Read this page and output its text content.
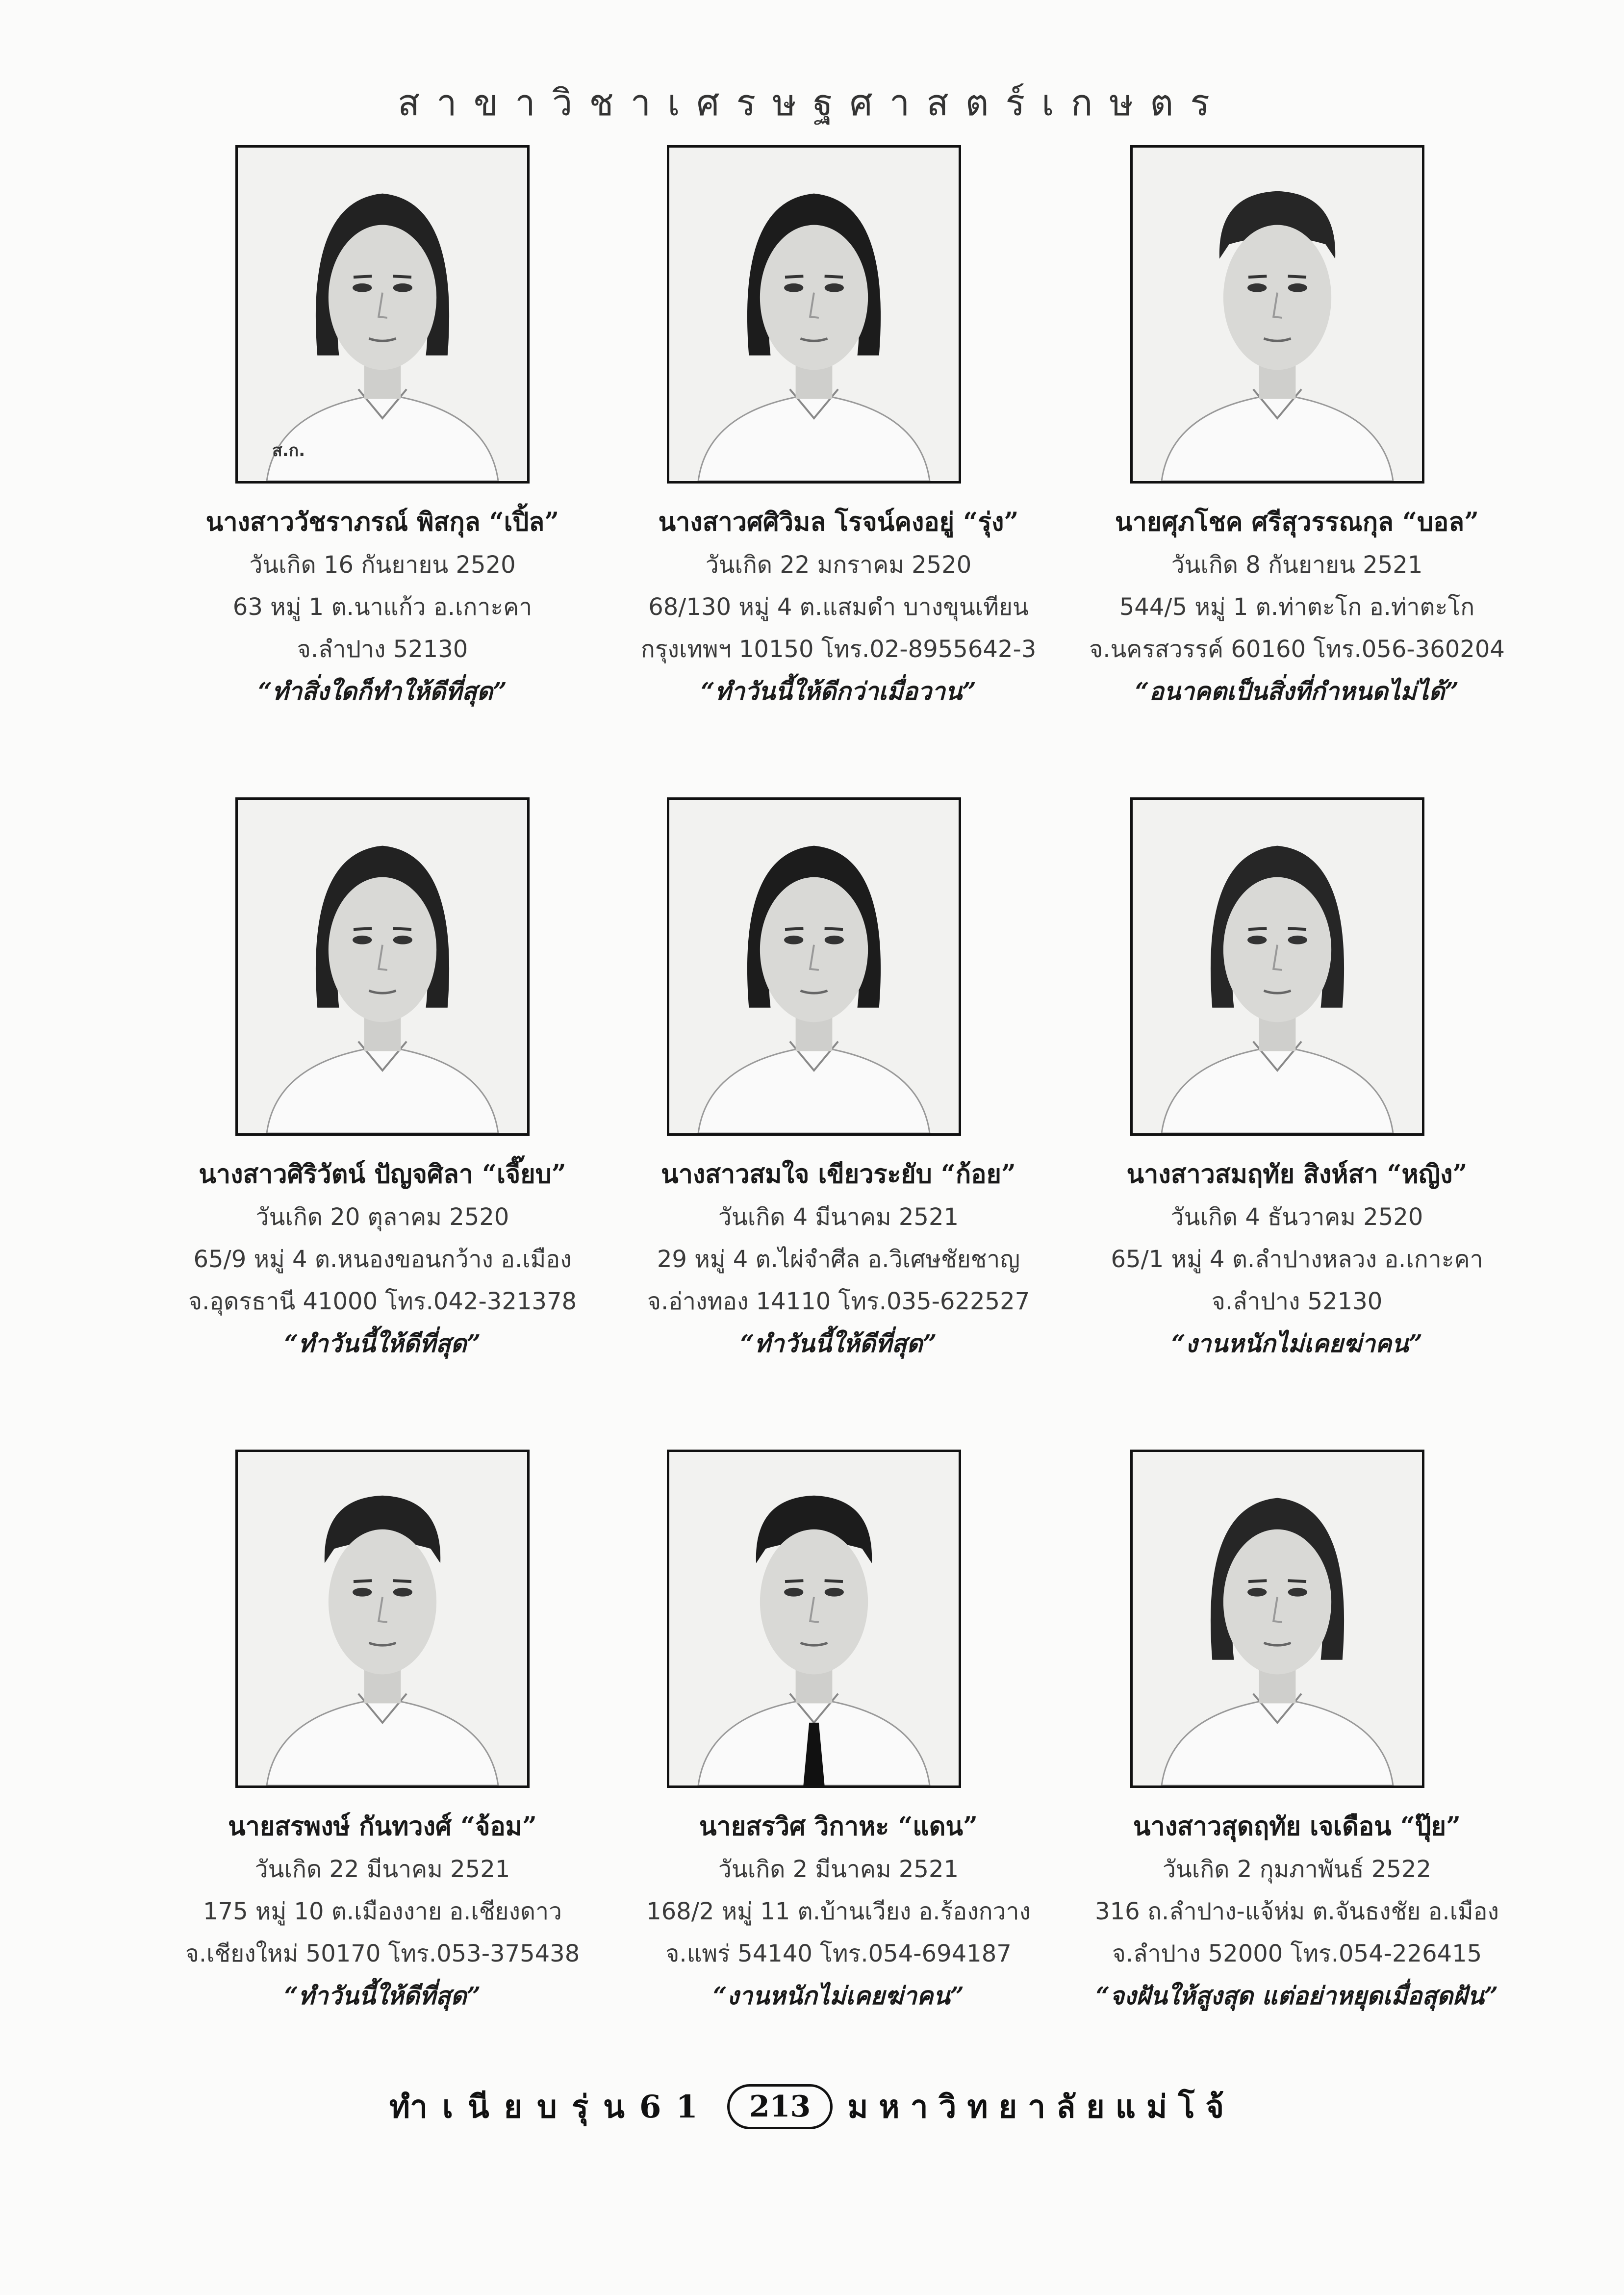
สาขาวิชาเศรษฐศาสตร์เกษตร
ส.ก.
นางสาววัชราภรณ์ พิสกุล “เปิ้ล”
วันเกิด 16 กันยายน 2520
63 หมู่ 1 ต.นาแก้ว อ.เกาะคา
จ.ลำปาง 52130
“ทำสิ่งใดก็ทำให้ดีที่สุด”
นางสาวศศิวิมล โรจน์คงอยู่ “รุ่ง”
วันเกิด 22 มกราคม 2520
68/130 หมู่ 4 ต.แสมดำ บางขุนเทียน
กรุงเทพฯ 10150 โทร.02-8955642-3
“ทำวันนี้ให้ดีกว่าเมื่อวาน”
นายศุภโชค ศรีสุวรรณกุล “บอล”
วันเกิด 8 กันยายน 2521
544/5 หมู่ 1 ต.ท่าตะโก อ.ท่าตะโก
จ.นครสวรรค์ 60160 โทร.056-360204
“อนาคตเป็นสิ่งที่กำหนดไม่ได้”
นางสาวศิริวัตน์ ปัญจศิลา “เจี๊ยบ”
วันเกิด 20 ตุลาคม 2520
65/9 หมู่ 4 ต.หนองขอนกว้าง อ.เมือง
จ.อุดรธานี 41000 โทร.042-321378
“ทำวันนี้ให้ดีที่สุด”
นางสาวสมใจ เขียวระยับ “ก้อย”
วันเกิด 4 มีนาคม 2521
29 หมู่ 4 ต.ไผ่จำศีล อ.วิเศษชัยชาญ
จ.อ่างทอง 14110 โทร.035-622527
“ทำวันนี้ให้ดีที่สุด”
นางสาวสมฤทัย สิงห์สา “หญิง”
วันเกิด 4 ธันวาคม 2520
65/1 หมู่ 4 ต.ลำปางหลวง อ.เกาะคา
จ.ลำปาง 52130
“งานหนักไม่เคยฆ่าคน”
นายสรพงษ์ กันทวงศ์ “จ้อม”
วันเกิด 22 มีนาคม 2521
175 หมู่ 10 ต.เมืองงาย อ.เชียงดาว
จ.เชียงใหม่ 50170 โทร.053-375438
“ทำวันนี้ให้ดีที่สุด”
นายสรวิศ วิกาหะ “แดน”
วันเกิด 2 มีนาคม 2521
168/2 หมู่ 11 ต.บ้านเวียง อ.ร้องกวาง
จ.แพร่ 54140 โทร.054-694187
“งานหนักไม่เคยฆ่าคน”
นางสาวสุดฤทัย เจเดือน “ปุ๊ย”
วันเกิด 2 กุมภาพันธ์ 2522
316 ถ.ลำปาง-แจ้ห่ม ต.จันธงชัย อ.เมือง
จ.ลำปาง 52000 โทร.054-226415
“จงฝันให้สูงสุด แต่อย่าหยุดเมื่อสุดฝัน”
ทำเนียบรุ่น61 213 มหาวิทยาลัยแม่โจ้
